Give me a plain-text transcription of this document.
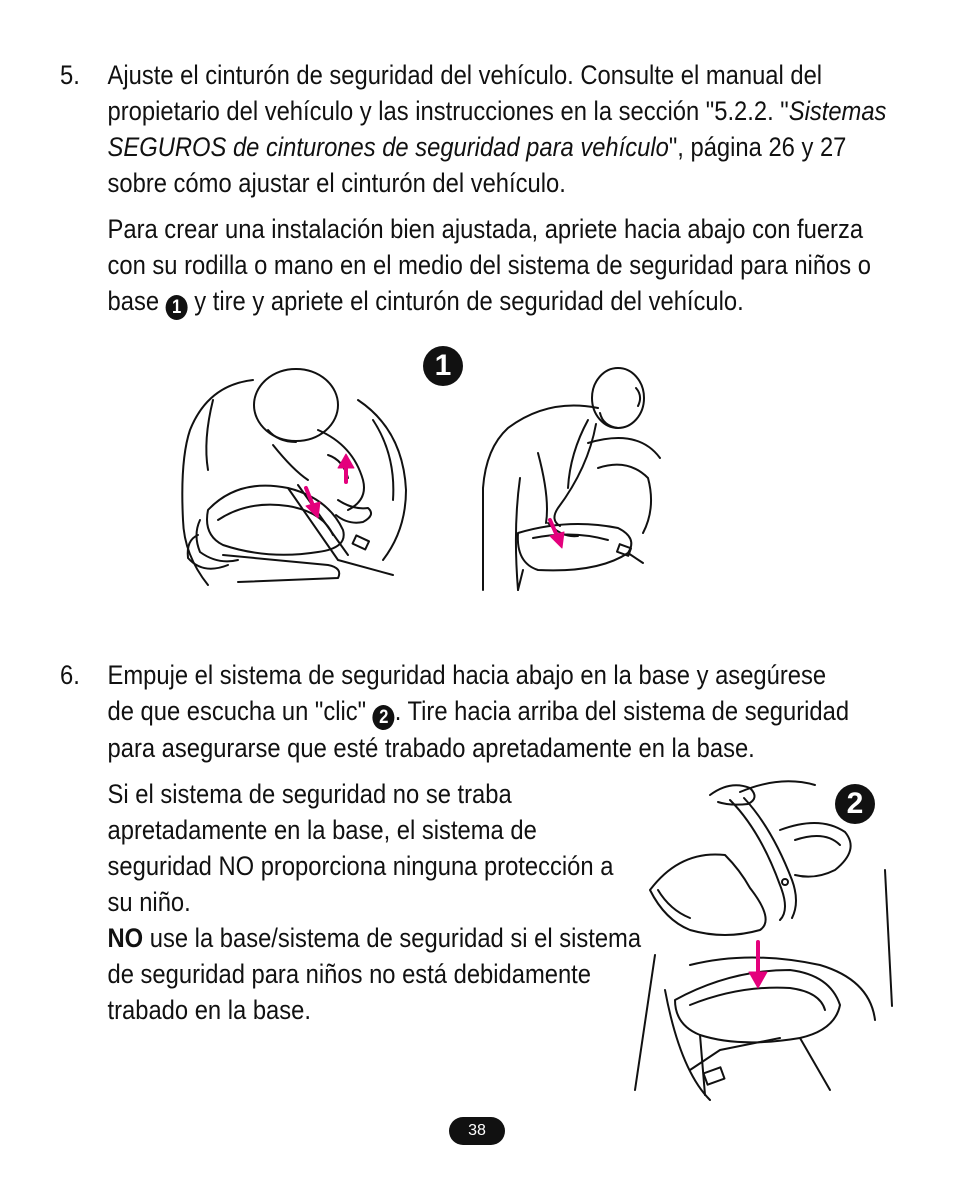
5. Ajuste el cinturón de seguridad del vehículo. Consulte el manual del propietario del vehículo y las instrucciones en la sección "5.2.2. "Sistemas SEGUROS de cinturones de seguridad para vehículo", página 26 y 27 sobre cómo ajustar el cinturón del vehículo.

Para crear una instalación bien ajustada, apriete hacia abajo con fuerza con su rodilla o mano en el medio del sistema de seguridad para niños o base 1 y tire y apriete el cinturón de seguridad del vehículo.

1
6. Empuje el sistema de seguridad hacia abajo en la base y asegúrese de que escucha un "clic" 2 . Tire hacia arriba del sistema de seguridad para asegurarse que esté trabado apretadamente en la base.

Si el sistema de seguridad no se traba apretadamente en la base, el sistema de seguridad NO proporciona ninguna protección a su niño.

NO use la base/sistema de seguridad si el sistema de seguridad para niños no está debidamente trabado en la base.

2
38
